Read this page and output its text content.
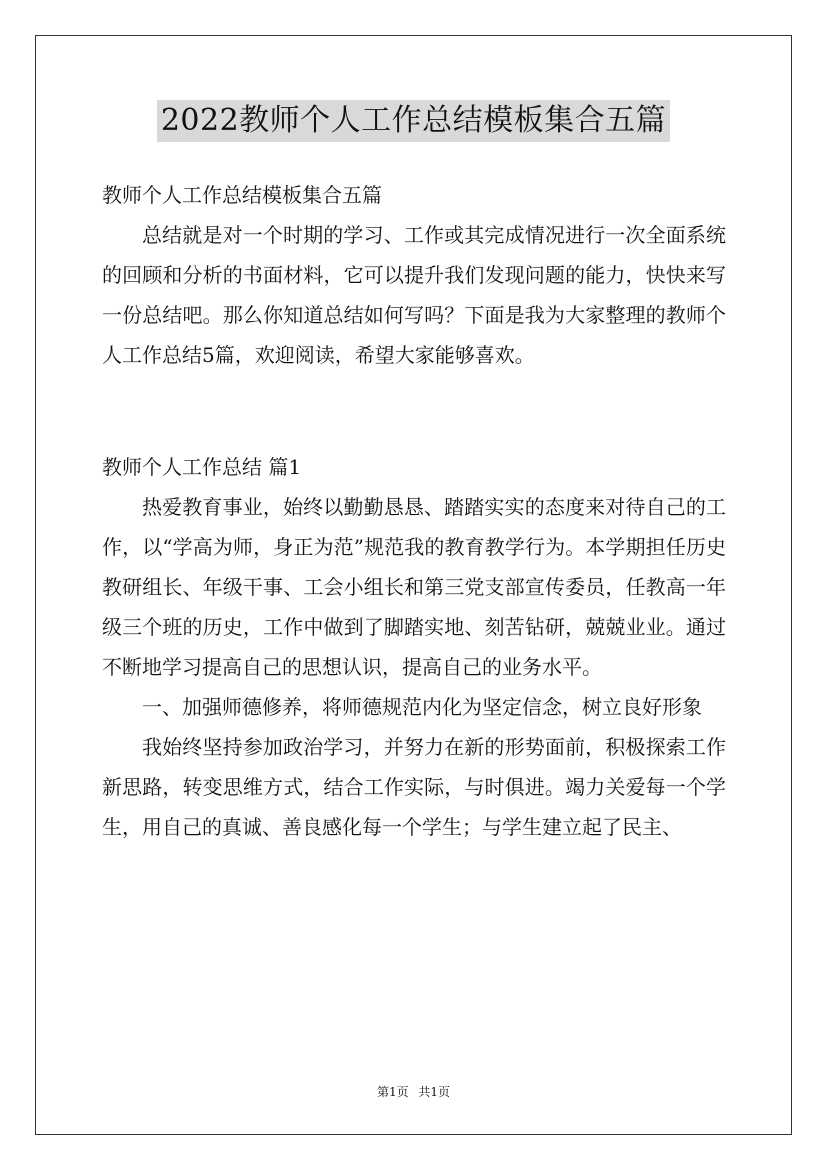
2022教师个人工作总结模板集合五篇

教师个人工作总结模板集合五篇

总结就是对一个时期的学习、工作或其完成情况进行一次全面系统的回顾和分析的书面材料，它可以提升我们发现问题的能力，快快来写一份总结吧。那么你知道总结如何写吗？下面是我为大家整理的教师个人工作总结5篇，欢迎阅读，希望大家能够喜欢。

教师个人工作总结 篇1

热爱教育事业，始终以勤勤恳恳、踏踏实实的态度来对待自己的工作，以“学高为师，身正为范”规范我的教育教学行为。本学期担任历史教研组长、年级干事、工会小组长和第三党支部宣传委员，任教高一年级三个班的历史，工作中做到了脚踏实地、刻苦钻研，兢兢业业。通过不断地学习提高自己的思想认识，提高自己的业务水平。

一、加强师德修养，将师德规范内化为坚定信念，树立良好形象

我始终坚持参加政治学习，并努力在新的形势面前，积极探索工作新思路，转变思维方式，结合工作实际，与时俱进。竭力关爱每一个学生，用自己的真诚、善良感化每一个学生；与学生建立起了民主、

第1页 共1页
